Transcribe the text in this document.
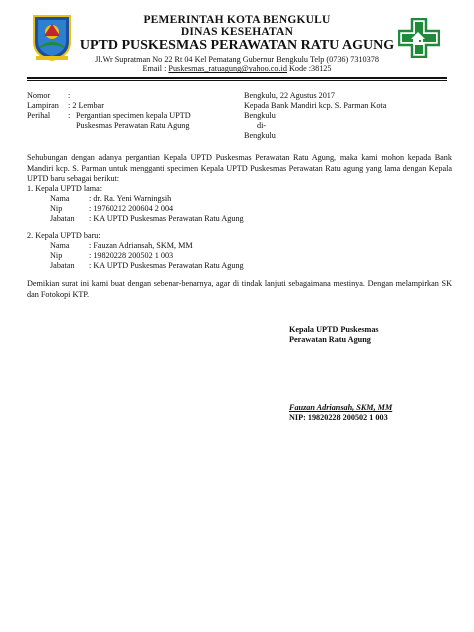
PEMERINTAH KOTA BENGKULU
DINAS KESEHATAN
UPTD PUSKESMAS PERAWATAN RATU AGUNG
Jl.Wr Supratman No 22 Rt 04 Kel Pematang Gubernur Bengkulu Telp (0736) 7310378
Email : Puskesmas_ratuagung@yahoo.co.id Kode :38125
Nomor :
Lampiran : 2 Lembar
Perihal : Pergantian specimen kepala UPTD
Puskesmas Perawatan Ratu Agung
Bengkulu, 22 Agustus 2017
Kepada Bank Mandiri kcp. S. Parman Kota
Bengkulu
di-
Bengkulu
Sehubungan dengan adanya pergantian Kepala UPTD Puskesmas Perawatan Ratu Agung, maka kami mohon kepada Bank Mandiri kcp. S. Parman untuk mengganti specimen Kepala UPTD Puskesmas Perawatan Ratu agung yang lama dengan Kepala UPTD baru sebagai berikut:
1. Kepala UPTD lama:
Nama : dr. Ra. Yeni Warningsih
Nip	: 19760212 200604 2 004
Jabatan : KA UPTD Puskesmas Perawatan Ratu Agung
2. Kepala UPTD baru:
Nama : Fauzan Adriansah, SKM, MM
Nip	: 19820228 200502 1 003
Jabatan : KA UPTD Puskesmas Perawatan Ratu Agung
Demikian surat ini kami buat dengan sebenar-benarnya, agar di tindak lanjuti sebagaimana mestinya. Dengan melampirkan SK dan Fotokopi KTP.
Kepala UPTD Puskesmas
Perawatan Ratu Agung
Fauzan Adriansah, SKM, MM
NIP: 19820228 200502 1 003
